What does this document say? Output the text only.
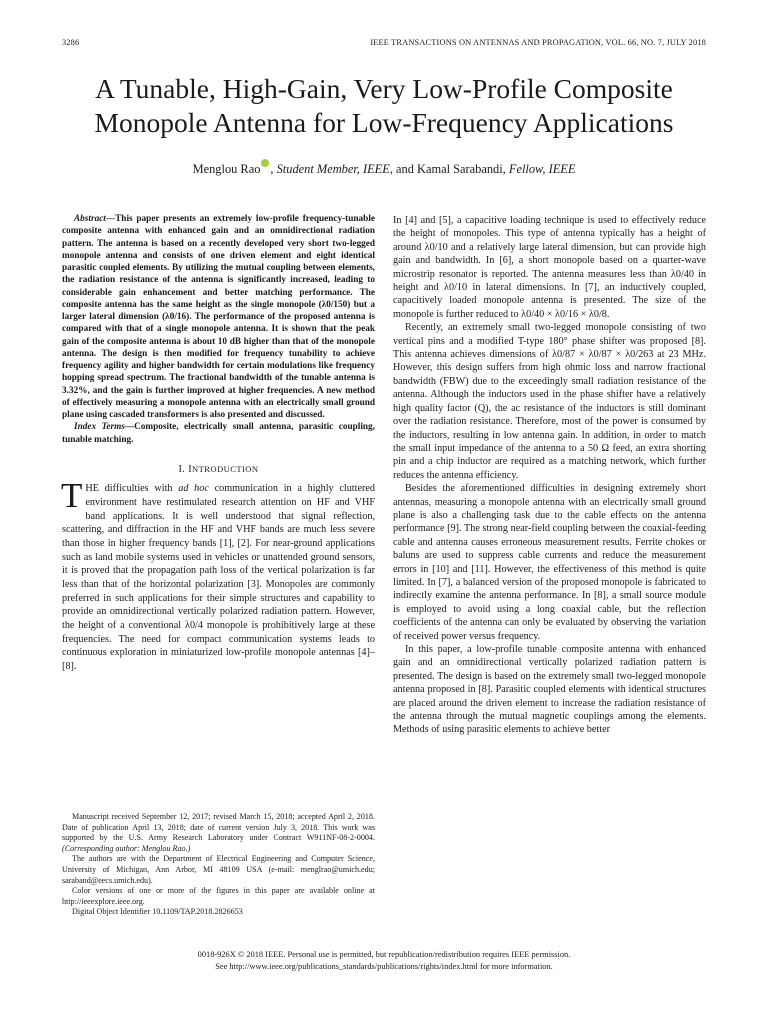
3286	IEEE TRANSACTIONS ON ANTENNAS AND PROPAGATION, VOL. 66, NO. 7, JULY 2018
A Tunable, High-Gain, Very Low-Profile Composite
Monopole Antenna for Low-Frequency Applications
Menglou Rao , Student Member, IEEE, and Kamal Sarabandi, Fellow, IEEE

Abstract—This paper presents an extremely low-profile frequency-tunable composite antenna with enhanced gain and an omnidirectional radiation pattern. The antenna is based on a recently developed very short two-legged monopole antenna and consists of one driven element and eight identical parasitic coupled elements. By utilizing the mutual coupling between elements, the radiation resistance of the antenna is significantly increased, leading to considerable gain enhancement and better matching performance. The composite antenna has the same height as the single monopole (λ0/150) but a larger lateral dimension (λ0/16). The performance of the proposed antenna is compared with that of a single monopole antenna. It is shown that the peak gain of the composite antenna is about 10 dB higher than that of the monopole antenna. The design is then modified for frequency tunability to achieve frequency agility and higher bandwidth for certain modulations like frequency hopping spread spectrum. The fractional bandwidth of the tunable antenna is 3.32%, and the gain is further improved at higher frequencies. A new method of effectively measuring a monopole antenna with an electrically small ground plane using cascaded transformers is also presented and discussed.

Index Terms—Composite, electrically small antenna, parasitic coupling, tunable matching.

I. INTRODUCTION

THE difficulties with ad hoc communication in a highly cluttered environment have restimulated research attention on HF and VHF band applications. It is well understood that signal reflection, scattering, and diffraction in the HF and VHF bands are much less severe than those in higher frequency bands [1], [2]. For near-ground applications such as land mobile systems used in vehicles or unattended ground sensors, it is proved that the propagation path loss of the vertical polarization is far less than that of the horizontal polarization [3]. Monopoles are commonly preferred in such applications for their simple structures and capability to provide an omnidirectional vertically polarized radiation pattern. However, the height of a conventional λ0/4 monopole is prohibitively large at these frequencies. The need for compact communication systems leads to continuous exploration in miniaturized low-profile monopole antennas [4]–[8].

Manuscript received September 12, 2017; revised March 15, 2018; accepted April 2, 2018. Date of publication April 13, 2018; date of current version July 3, 2018. This work was supported by the U.S. Army Research Laboratory under Contract W911NF-08-2-0004. (Corresponding author: Menglou Rao.)

The authors are with the Department of Electrical Engineering and Computer Science, University of Michigan, Ann Arbor, MI 48109 USA (e-mail: menglrao@umich.edu; saraband@eecs.umich.edu).

Color versions of one or more of the figures in this paper are available online at http://ieeexplore.ieee.org.

Digital Object Identifier 10.1109/TAP.2018.2826653

In [4] and [5], a capacitive loading technique is used to effectively reduce the height of monopoles. This type of antenna typically has a height of around λ0/10 and a relatively large lateral dimension, but can provide high gain and bandwidth. In [6], a short monopole based on a quarter-wave microstrip resonator is reported. The antenna measures less than λ0/40 in height and λ0/10 in lateral dimensions. In [7], an inductively coupled, capacitively loaded monopole antenna is presented. The size of the monopole is further reduced to λ0/40 × λ0/16 × λ0/8.

Recently, an extremely small two-legged monopole consisting of two vertical pins and a modified T-type 180° phase shifter was proposed [8]. This antenna achieves dimensions of λ0/87 × λ0/87 × λ0/263 at 23 MHz. However, this design suffers from high ohmic loss and narrow fractional bandwidth (FBW) due to the exceedingly small radiation resistance of the antenna. Although the inductors used in the phase shifter have a relatively high quality factor (Q), the ac resistance of the inductors is still dominant over the radiation resistance. Therefore, most of the power is consumed by the inductors, resulting in low antenna gain. In addition, in order to match the small input impedance of the antenna to a 50 Ω feed, an extra shorting pin and a chip inductor are required as a matching network, which further reduces the antenna efficiency.

Besides the aforementioned difficulties in designing extremely short antennas, measuring a monopole antenna with an electrically small ground plane is also a challenging task due to the cable effects on the antenna performance [9]. The strong near-field coupling between the coaxial-feeding cable and antenna causes erroneous measurement results. Ferrite chokes or baluns are used to suppress cable currents and reduce the measurement errors in [10] and [11]. However, the effectiveness of this method is quite limited. In [7], a balanced version of the proposed monopole is fabricated to indirectly examine the antenna performance. In [8], a small source module is employed to avoid using a long coaxial cable, but the reflection coefficients of the antenna can only be evaluated by observing the variation of received power versus frequency.

In this paper, a low-profile tunable composite antenna with enhanced gain and an omnidirectional vertically polarized radiation pattern is presented. The design is based on the extremely small two-legged monopole antenna proposed in [8]. Parasitic coupled elements with identical structures are placed around the driven element to increase the radiation resistance of the antenna through the mutual magnetic couplings among the elements. Methods of using parasitic elements to achieve better

0018-926X © 2018 IEEE. Personal use is permitted, but republication/redistribution requires IEEE permission.
See http://www.ieee.org/publications_standards/publications/rights/index.html for more information.
